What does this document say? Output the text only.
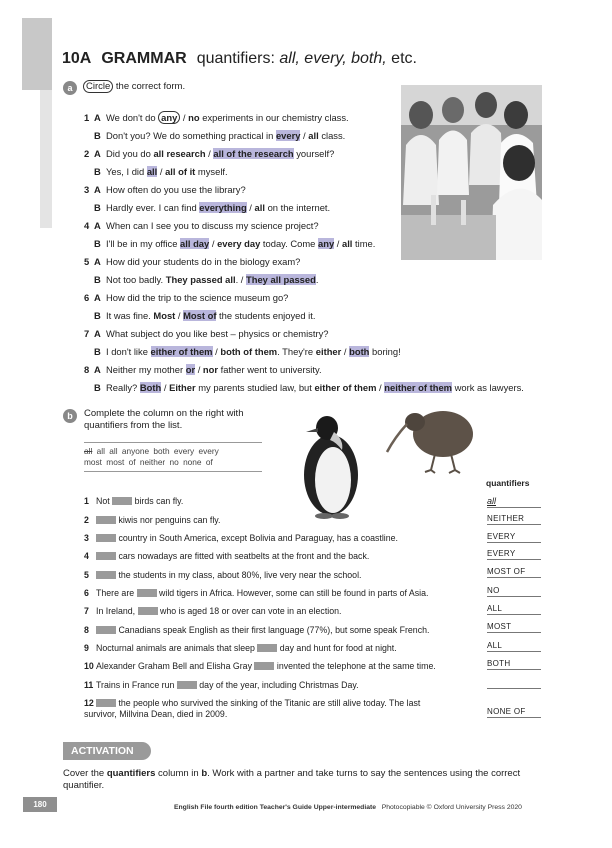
10A GRAMMAR quantifiers: all, every, both, etc.
a	Circle the correct form.
1 AWe don't do any / no experiments in our chemistry class.
BDon't you? We do something practical in every / all class.
2 ADid you do all research / all of the research yourself?
BYes, I did all / all of it myself.
3 AHow often do you use the library?
BHardly ever. I can find everything / all on the internet.
4 AWhen can I see you to discuss my science project?
BI'll be in my office all day / every day today. Come any / all time.
5 AHow did your students do in the biology exam?
BNot too badly. They passed all. / They all passed.
6 AHow did the trip to the science museum go?
BIt was fine. Most / Most of the students enjoyed it.
7 AWhat subject do you like best – physics or chemistry?
BI don't like either of them / both of them. They're either / both boring!
8 ANeither my mother or / nor father went to university.
BReally? Both / Either my parents studied law, but either of them / neither of them work as lawyers.
b	Complete the column on the right with quantifiers from the list.
all all all anyone both every every
most most of neither no none of
quantifiers
1 Not  birds can fly.	all
2	kiwis nor penguins can fly.	NEITHER
3	country in South America, except Bolivia and Paraguay, has a coastline.	EVERY
4	cars nowadays are fitted with seatbelts at the front and the back.	EVERY
5	the students in my class, about 80%, live very near the school.	MOST OF
6 There are  wild tigers in Africa. However, some can still be found in parts of Asia.	NO
7 In Ireland,  who is aged 18 or over can vote in an election.	ALL
8	Canadians speak English as their first language (77%), but some speak French.	MOST
9 Nocturnal animals are animals that sleep  day and hunt for food at night.	ALL
10 Alexander Graham Bell and Elisha Gray  invented the telephone at the same time.	BOTH
11 Trains in France run  day of the year, including Christmas Day.
12	the people who survived the sinking of the Titanic are still alive today. The last
survivor, Millvina Dean, died in 2009.	NONE OF
ACTIVATION
Cover the quantifiers column in b. Work with a partner and take turns to say the sentences using the correct quantifier.
180	English File fourth edition Teacher's Guide Upper-intermediate Photocopiable © Oxford University Press 2020
